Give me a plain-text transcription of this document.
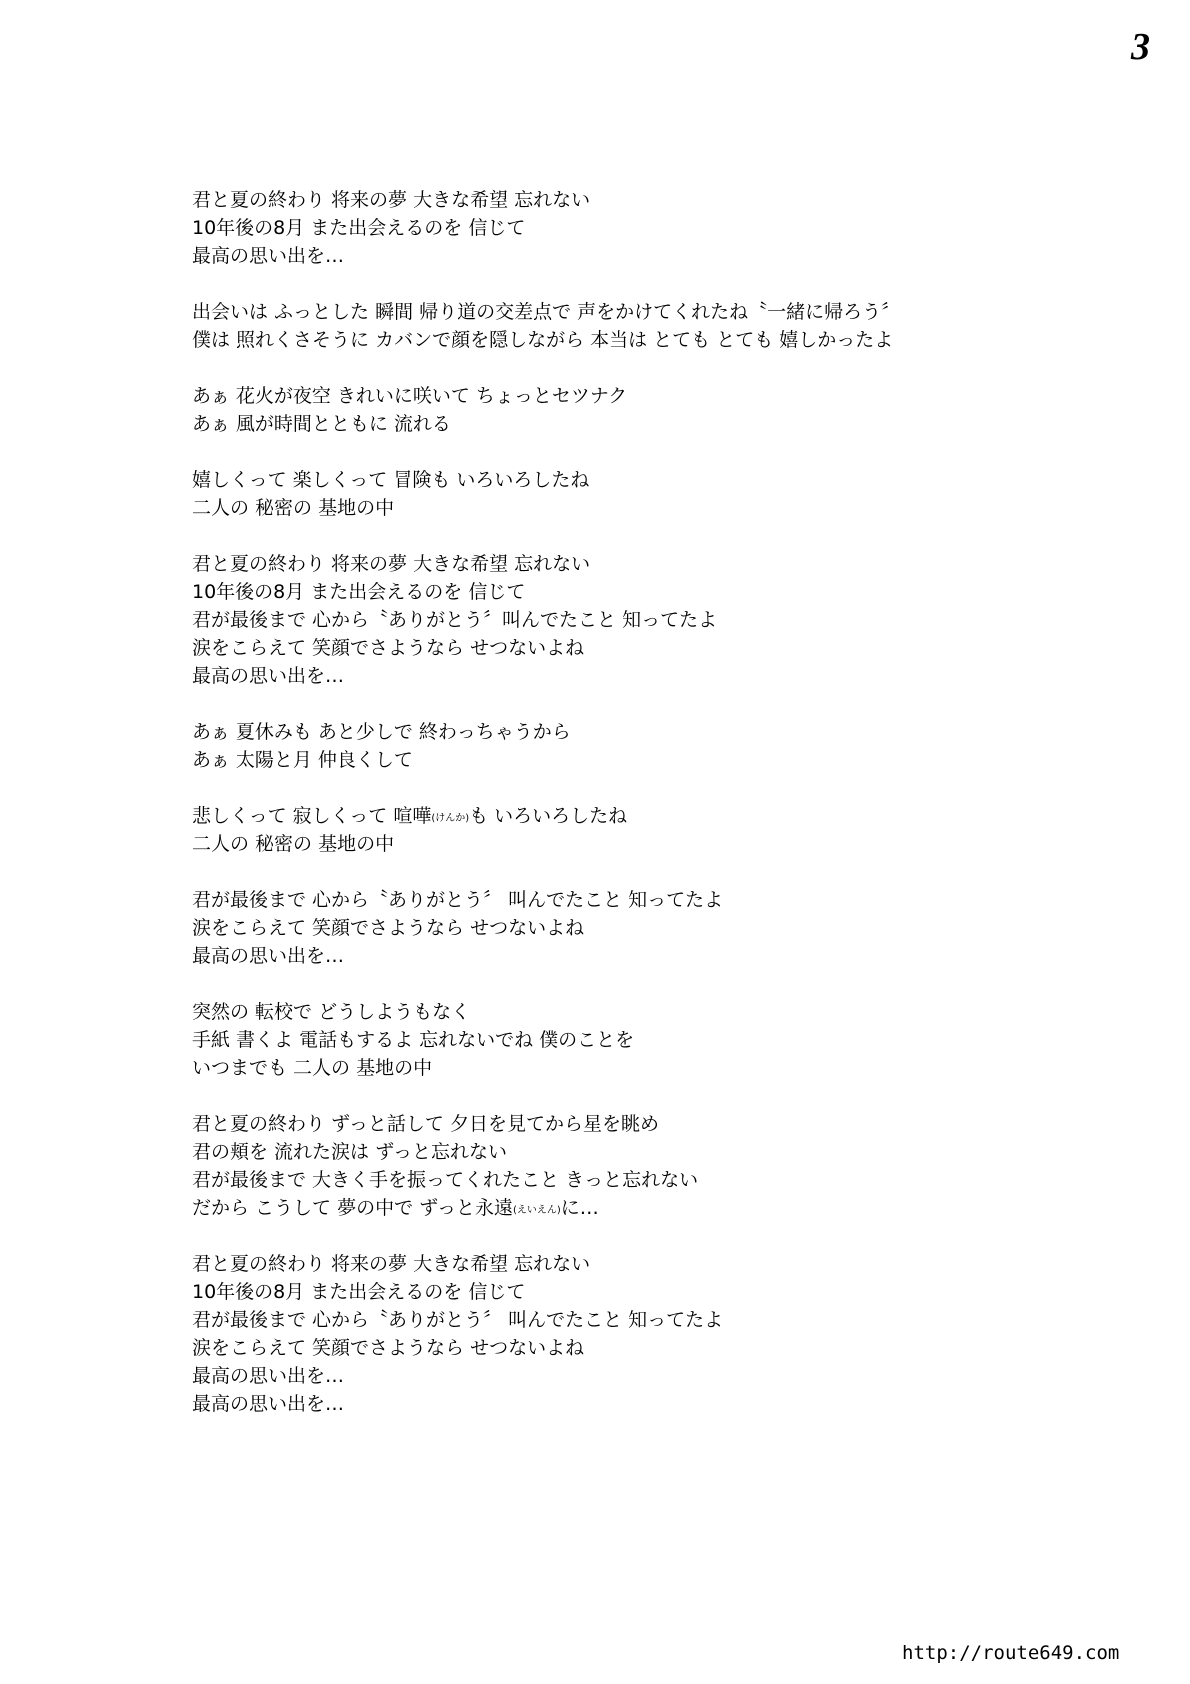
3
君と夏の終わり 将来の夢 大きな希望 忘れない
10年後の8月 また出会えるのを 信じて
最高の思い出を…
出会いは ふっとした 瞬間 帰り道の交差点で 声をかけてくれたね〝一緒に帰ろう〞
僕は 照れくさそうに カバンで顔を隠しながら 本当は とても とても 嬉しかったよ
あぁ 花火が夜空 きれいに咲いて ちょっとセツナク
あぁ 風が時間とともに 流れる
嬉しくって 楽しくって 冒険も いろいろしたね
二人の 秘密の 基地の中
君と夏の終わり 将来の夢 大きな希望 忘れない
10年後の8月 また出会えるのを 信じて
君が最後まで 心から〝ありがとう〞叫んでたこと 知ってたよ
涙をこらえて 笑顔でさようなら せつないよね
最高の思い出を…
あぁ 夏休みも あと少しで 終わっちゃうから
あぁ 太陽と月 仲良くして
悲しくって 寂しくって 喧嘩(けんか)も いろいろしたね
二人の 秘密の 基地の中
君が最後まで 心から〝ありがとう〞 叫んでたこと 知ってたよ
涙をこらえて 笑顔でさようなら せつないよね
最高の思い出を…
突然の 転校で どうしようもなく
手紙 書くよ 電話もするよ 忘れないでね 僕のことを
いつまでも 二人の 基地の中
君と夏の終わり ずっと話して 夕日を見てから星を眺め
君の頬を 流れた涙は ずっと忘れない
君が最後まで 大きく手を振ってくれたこと きっと忘れない
だから こうして 夢の中で ずっと永遠(えいえん)に…
君と夏の終わり 将来の夢 大きな希望 忘れない
10年後の8月 また出会えるのを 信じて
君が最後まで 心から〝ありがとう〞 叫んでたこと 知ってたよ
涙をこらえて 笑顔でさようなら せつないよね
最高の思い出を…
最高の思い出を…
http://route649.com
